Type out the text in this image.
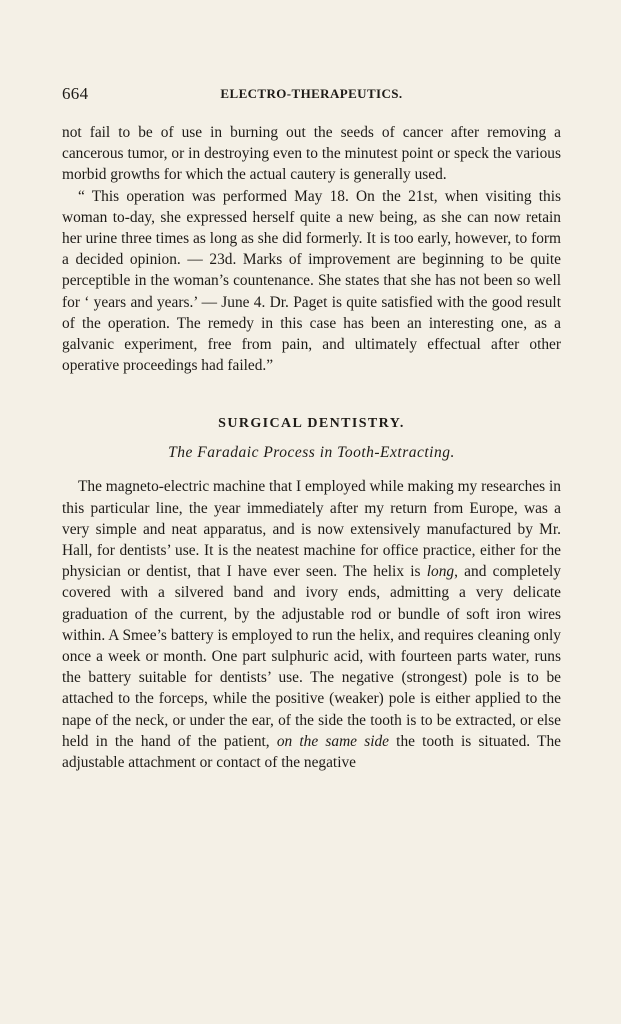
664	ELECTRO-THERAPEUTICS.

not fail to be of use in burning out the seeds of cancer after removing a cancerous tumor, or in destroying even to the minutest point or speck the various morbid growths for which the actual cautery is generally used.

“ This operation was performed May 18. On the 21st, when visiting this woman to-day, she expressed herself quite a new being, as she can now retain her urine three times as long as she did formerly. It is too early, however, to form a decided opinion. — 23d. Marks of improvement are beginning to be quite perceptible in the woman’s countenance. She states that she has not been so well for ‘ years and years.’ — June 4. Dr. Paget is quite satisfied with the good result of the operation. The remedy in this case has been an interesting one, as a galvanic experiment, free from pain, and ultimately effectual after other operative proceedings had failed.”

SURGICAL DENTISTRY.
The Faradaic Process in Tooth-Extracting.

The magneto-electric machine that I employed while making my researches in this particular line, the year immediately after my return from Europe, was a very simple and neat apparatus, and is now extensively manufactured by Mr. Hall, for dentists’ use. It is the neatest machine for office practice, either for the physician or dentist, that I have ever seen. The helix is long, and completely covered with a silvered band and ivory ends, admitting a very delicate graduation of the current, by the adjustable rod or bundle of soft iron wires within. A Smee’s battery is employed to run the helix, and requires cleaning only once a week or month. One part sulphuric acid, with fourteen parts water, runs the battery suitable for dentists’ use. The negative (strongest) pole is to be attached to the forceps, while the positive (weaker) pole is either applied to the nape of the neck, or under the ear, of the side the tooth is to be extracted, or else held in the hand of the patient, on the same side the tooth is situated. The adjustable attachment or contact of the negative
